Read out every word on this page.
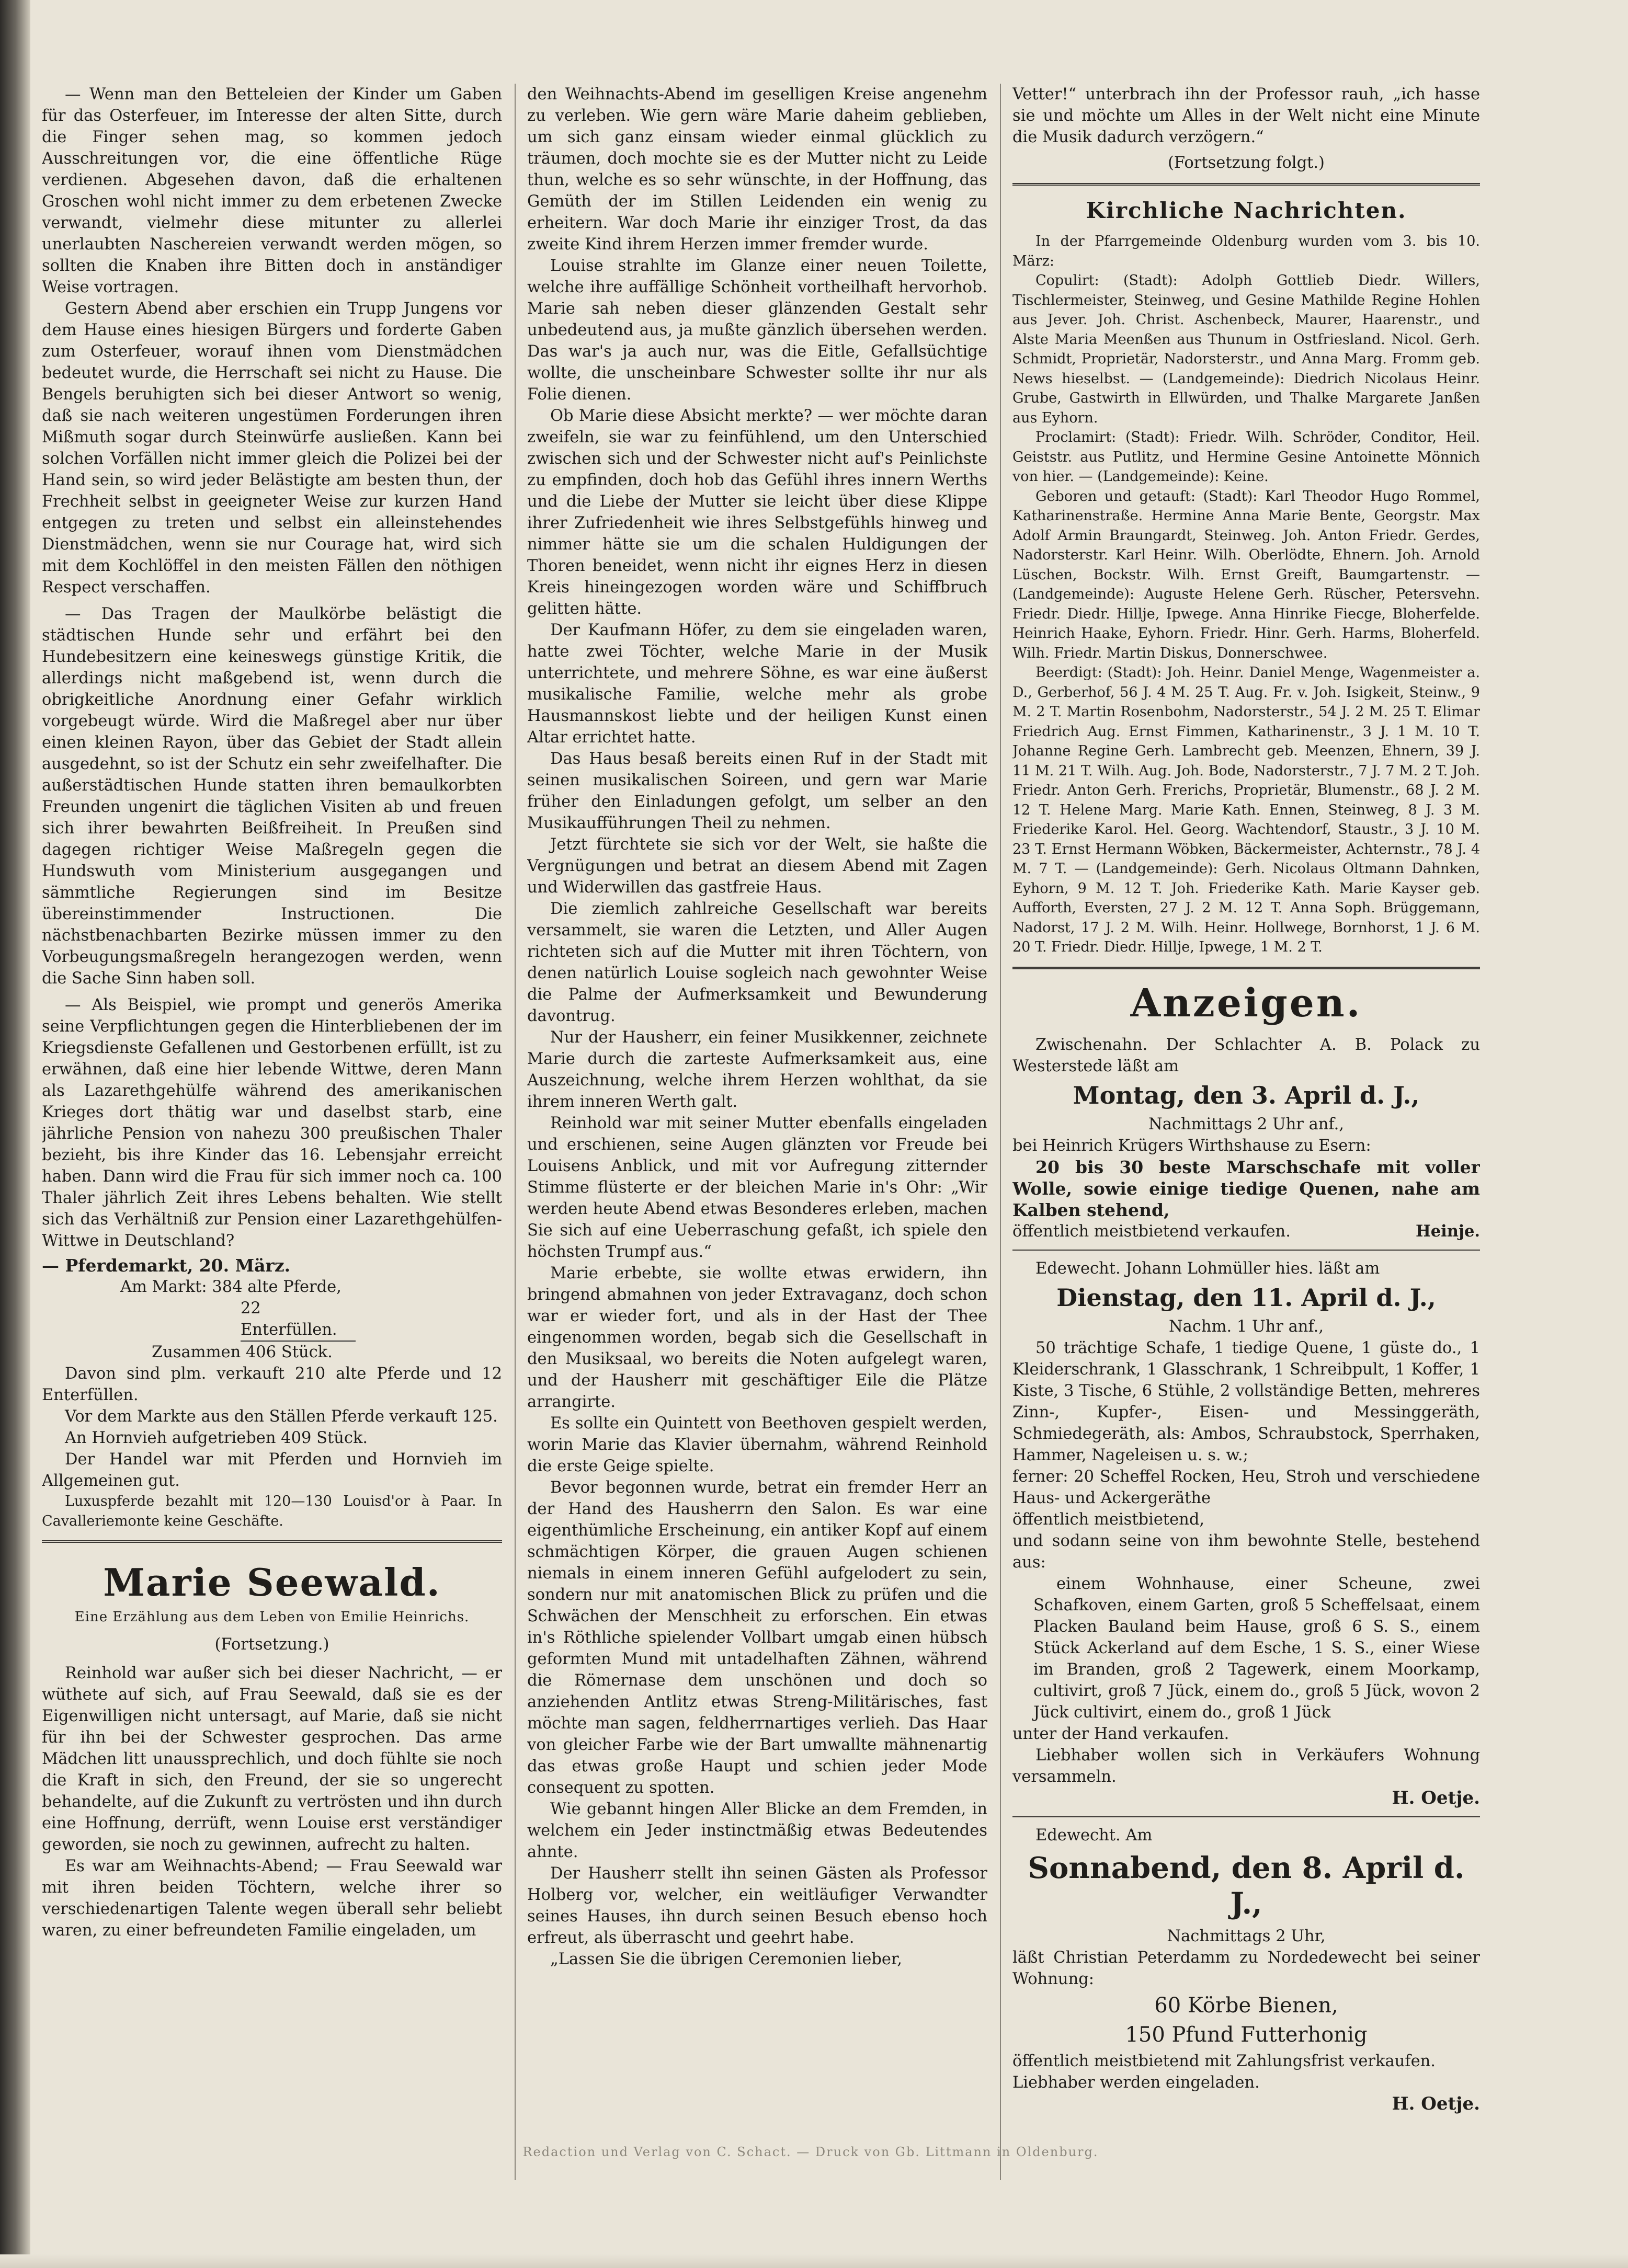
— Wenn man den Betteleien der Kinder um Gaben für das Osterfeuer, im Interesse der alten Sitte, durch die Finger sehen mag, so kommen jedoch Ausschreitungen vor, die eine öffentliche Rüge verdienen. Abgesehen davon, daß die erhaltenen Groschen wohl nicht immer zu dem erbetenen Zwecke verwandt, vielmehr diese mitunter zu allerlei unerlaubten Naschereien verwandt werden mögen, so sollten die Knaben ihre Bitten doch in anständiger Weise vortragen.

Gestern Abend aber erschien ein Trupp Jungens vor dem Hause eines hiesigen Bürgers und forderte Gaben zum Osterfeuer, worauf ihnen vom Dienstmädchen bedeutet wurde, die Herrschaft sei nicht zu Hause. Die Bengels beruhigten sich bei dieser Antwort so wenig, daß sie nach weiteren ungestümen Forderungen ihren Mißmuth sogar durch Steinwürfe ausließen. Kann bei solchen Vorfällen nicht immer gleich die Polizei bei der Hand sein, so wird jeder Belästigte am besten thun, der Frechheit selbst in geeigneter Weise zur kurzen Hand entgegen zu treten und selbst ein alleinstehendes Dienstmädchen, wenn sie nur Courage hat, wird sich mit dem Kochlöffel in den meisten Fällen den nöthigen Respect verschaffen.

— Das Tragen der Maulkörbe belästigt die städtischen Hunde sehr und erfährt bei den Hundebesitzern eine keineswegs günstige Kritik, die allerdings nicht maßgebend ist, wenn durch die obrigkeitliche Anordnung einer Gefahr wirklich vorgebeugt würde. Wird die Maßregel aber nur über einen kleinen Rayon, über das Gebiet der Stadt allein ausgedehnt, so ist der Schutz ein sehr zweifelhafter. Die außerstädtischen Hunde statten ihren bemaulkorbten Freunden ungenirt die täglichen Visiten ab und freuen sich ihrer bewahrten Beißfreiheit. In Preußen sind dagegen richtiger Weise Maßregeln gegen die Hundswuth vom Ministerium ausgegangen und sämmtliche Regierungen sind im Besitze übereinstimmender Instructionen. Die nächstbenachbarten Bezirke müssen immer zu den Vorbeugungsmaßregeln herangezogen werden, wenn die Sache Sinn haben soll.

— Als Beispiel, wie prompt und generös Amerika seine Verpflichtungen gegen die Hinterbliebenen der im Kriegsdienste Gefallenen und Gestorbenen erfüllt, ist zu erwähnen, daß eine hier lebende Wittwe, deren Mann als Lazarethgehülfe während des amerikanischen Krieges dort thätig war und daselbst starb, eine jährliche Pension von nahezu 300 preußischen Thaler bezieht, bis ihre Kinder das 16. Lebensjahr erreicht haben. Dann wird die Frau für sich immer noch ca. 100 Thaler jährlich Zeit ihres Lebens behalten. Wie stellt sich das Verhältniß zur Pension einer Lazarethgehülfen-Wittwe in Deutschland?

— Pferdemarkt, 20. März.

Am Markt: 384 alte Pferde,

22 Enterfüllen.

Zusammen 406 Stück.

Davon sind plm. verkauft 210 alte Pferde und 12 Enterfüllen.

Vor dem Markte aus den Ställen Pferde verkauft 125.

An Hornvieh aufgetrieben 409 Stück.

Der Handel war mit Pferden und Hornvieh im Allgemeinen gut.

Luxuspferde bezahlt mit 120—130 Louisd'or à Paar. In Cavalleriemonte keine Geschäfte.

Marie Seewald.
Eine Erzählung aus dem Leben von Emilie Heinrichs.
(Fortsetzung.)

Reinhold war außer sich bei dieser Nachricht, — er wüthete auf sich, auf Frau Seewald, daß sie es der Eigenwilligen nicht untersagt, auf Marie, daß sie nicht für ihn bei der Schwester gesprochen. Das arme Mädchen litt unaussprechlich, und doch fühlte sie noch die Kraft in sich, den Freund, der sie so ungerecht behandelte, auf die Zukunft zu vertrösten und ihn durch eine Hoffnung, derrüft, wenn Louise erst verständiger geworden, sie noch zu gewinnen, aufrecht zu halten.

Es war am Weihnachts-Abend; — Frau Seewald war mit ihren beiden Töchtern, welche ihrer so verschiedenartigen Talente wegen überall sehr beliebt waren, zu einer befreundeten Familie eingeladen, um

den Weihnachts-Abend im geselligen Kreise angenehm zu verleben. Wie gern wäre Marie daheim geblieben, um sich ganz einsam wieder einmal glücklich zu träumen, doch mochte sie es der Mutter nicht zu Leide thun, welche es so sehr wünschte, in der Hoffnung, das Gemüth der im Stillen Leidenden ein wenig zu erheitern. War doch Marie ihr einziger Trost, da das zweite Kind ihrem Herzen immer fremder wurde.

Louise strahlte im Glanze einer neuen Toilette, welche ihre auffällige Schönheit vortheilhaft hervorhob. Marie sah neben dieser glänzenden Gestalt sehr unbedeutend aus, ja mußte gänzlich übersehen werden. Das war's ja auch nur, was die Eitle, Gefallsüchtige wollte, die unscheinbare Schwester sollte ihr nur als Folie dienen.

Ob Marie diese Absicht merkte? — wer möchte daran zweifeln, sie war zu feinfühlend, um den Unterschied zwischen sich und der Schwester nicht auf's Peinlichste zu empfinden, doch hob das Gefühl ihres innern Werths und die Liebe der Mutter sie leicht über diese Klippe ihrer Zufriedenheit wie ihres Selbstgefühls hinweg und nimmer hätte sie um die schalen Huldigungen der Thoren beneidet, wenn nicht ihr eignes Herz in diesen Kreis hineingezogen worden wäre und Schiffbruch gelitten hätte.

Der Kaufmann Höfer, zu dem sie eingeladen waren, hatte zwei Töchter, welche Marie in der Musik unterrichtete, und mehrere Söhne, es war eine äußerst musikalische Familie, welche mehr als grobe Hausmannskost liebte und der heiligen Kunst einen Altar errichtet hatte.

Das Haus besaß bereits einen Ruf in der Stadt mit seinen musikalischen Soireen, und gern war Marie früher den Einladungen gefolgt, um selber an den Musikaufführungen Theil zu nehmen.

Jetzt fürchtete sie sich vor der Welt, sie haßte die Vergnügungen und betrat an diesem Abend mit Zagen und Widerwillen das gastfreie Haus.

Die ziemlich zahlreiche Gesellschaft war bereits versammelt, sie waren die Letzten, und Aller Augen richteten sich auf die Mutter mit ihren Töchtern, von denen natürlich Louise sogleich nach gewohnter Weise die Palme der Aufmerksamkeit und Bewunderung davontrug.

Nur der Hausherr, ein feiner Musikkenner, zeichnete Marie durch die zarteste Aufmerksamkeit aus, eine Auszeichnung, welche ihrem Herzen wohlthat, da sie ihrem inneren Werth galt.

Reinhold war mit seiner Mutter ebenfalls eingeladen und erschienen, seine Augen glänzten vor Freude bei Louisens Anblick, und mit vor Aufregung zitternder Stimme flüsterte er der bleichen Marie in's Ohr: „Wir werden heute Abend etwas Besonderes erleben, machen Sie sich auf eine Ueberraschung gefaßt, ich spiele den höchsten Trumpf aus.“

Marie erbebte, sie wollte etwas erwidern, ihn bringend abmahnen von jeder Extravaganz, doch schon war er wieder fort, und als in der Hast der Thee eingenommen worden, begab sich die Gesellschaft in den Musiksaal, wo bereits die Noten aufgelegt waren, und der Hausherr mit geschäftiger Eile die Plätze arrangirte.

Es sollte ein Quintett von Beethoven gespielt werden, worin Marie das Klavier übernahm, während Reinhold die erste Geige spielte.

Bevor begonnen wurde, betrat ein fremder Herr an der Hand des Hausherrn den Salon. Es war eine eigenthümliche Erscheinung, ein antiker Kopf auf einem schmächtigen Körper, die grauen Augen schienen niemals in einem inneren Gefühl aufgelodert zu sein, sondern nur mit anatomischen Blick zu prüfen und die Schwächen der Menschheit zu erforschen. Ein etwas in's Röthliche spielender Vollbart umgab einen hübsch geformten Mund mit untadelhaften Zähnen, während die Römernase dem unschönen und doch so anziehenden Antlitz etwas Streng-Militärisches, fast möchte man sagen, feldherrnartiges verlieh. Das Haar von gleicher Farbe wie der Bart umwallte mähnenartig das etwas große Haupt und schien jeder Mode consequent zu spotten.

Wie gebannt hingen Aller Blicke an dem Fremden, in welchem ein Jeder instinctmäßig etwas Bedeutendes ahnte.

Der Hausherr stellt ihn seinen Gästen als Professor Holberg vor, welcher, ein weitläufiger Verwandter seines Hauses, ihn durch seinen Besuch ebenso hoch erfreut, als überrascht und geehrt habe.

„Lassen Sie die übrigen Ceremonien lieber,

Vetter!“ unterbrach ihn der Professor rauh, „ich hasse sie und möchte um Alles in der Welt nicht eine Minute die Musik dadurch verzögern.“

(Fortsetzung folgt.)
Kirchliche Nachrichten.

In der Pfarrgemeinde Oldenburg wurden vom 3. bis 10. März:

Copulirt: (Stadt): Adolph Gottlieb Diedr. Willers, Tischlermeister, Steinweg, und Gesine Mathilde Regine Hohlen aus Jever. Joh. Christ. Aschenbeck, Maurer, Haarenstr., und Alste Maria Meenßen aus Thunum in Ostfriesland. Nicol. Gerh. Schmidt, Proprietär, Nadorsterstr., und Anna Marg. Fromm geb. News hieselbst. — (Landgemeinde): Diedrich Nicolaus Heinr. Grube, Gastwirth in Ellwürden, und Thalke Margarete Janßen aus Eyhorn.

Proclamirt: (Stadt): Friedr. Wilh. Schröder, Conditor, Heil. Geiststr. aus Putlitz, und Hermine Gesine Antoinette Mönnich von hier. — (Landgemeinde): Keine.

Geboren und getauft: (Stadt): Karl Theodor Hugo Rommel, Katharinenstraße. Hermine Anna Marie Bente, Georgstr. Max Adolf Armin Braungardt, Steinweg. Joh. Anton Friedr. Gerdes, Nadorsterstr. Karl Heinr. Wilh. Oberlödte, Ehnern. Joh. Arnold Lüschen, Bockstr. Wilh. Ernst Greift, Baumgartenstr. — (Landgemeinde): Auguste Helene Gerh. Rüscher, Petersvehn. Friedr. Diedr. Hillje, Ipwege. Anna Hinrike Fiecge, Bloherfelde. Heinrich Haake, Eyhorn. Friedr. Hinr. Gerh. Harms, Bloherfeld. Wilh. Friedr. Martin Diskus, Donnerschwee.

Beerdigt: (Stadt): Joh. Heinr. Daniel Menge, Wagenmeister a. D., Gerberhof, 56 J. 4 M. 25 T. Aug. Fr. v. Joh. Isigkeit, Steinw., 9 M. 2 T. Martin Rosenbohm, Nadorsterstr., 54 J. 2 M. 25 T. Elimar Friedrich Aug. Ernst Fimmen, Katharinenstr., 3 J. 1 M. 10 T. Johanne Regine Gerh. Lambrecht geb. Meenzen, Ehnern, 39 J. 11 M. 21 T. Wilh. Aug. Joh. Bode, Nadorsterstr., 7 J. 7 M. 2 T. Joh. Friedr. Anton Gerh. Frerichs, Proprietär, Blumenstr., 68 J. 2 M. 12 T. Helene Marg. Marie Kath. Ennen, Steinweg, 8 J. 3 M. Friederike Karol. Hel. Georg. Wachtendorf, Staustr., 3 J. 10 M. 23 T. Ernst Hermann Wöbken, Bäckermeister, Achternstr., 78 J. 4 M. 7 T. — (Landgemeinde): Gerh. Nicolaus Oltmann Dahnken, Eyhorn, 9 M. 12 T. Joh. Friederike Kath. Marie Kayser geb. Aufforth, Eversten, 27 J. 2 M. 12 T. Anna Soph. Brüggemann, Nadorst, 17 J. 2 M. Wilh. Heinr. Hollwege, Bornhorst, 1 J. 6 M. 20 T. Friedr. Diedr. Hillje, Ipwege, 1 M. 2 T.

Anzeigen.

Zwischenahn. Der Schlachter A. B. Polack zu Westerstede läßt am

Montag, den 3. April d. J.,
Nachmittags 2 Uhr anf.,

bei Heinrich Krügers Wirthshause zu Esern:

20 bis 30 beste Marschschafe mit voller Wolle, sowie einige tiedige Quenen, nahe am Kalben stehend,

öffentlich meistbietend verkaufen.	Heinje.

Edewecht. Johann Lohmüller hies. läßt am

Dienstag, den 11. April d. J.,
Nachm. 1 Uhr anf.,

50 trächtige Schafe, 1 tiedige Quene, 1 güste do., 1 Kleiderschrank, 1 Glasschrank, 1 Schreibpult, 1 Koffer, 1 Kiste, 3 Tische, 6 Stühle, 2 vollständige Betten, mehreres Zinn-, Kupfer-, Eisen- und Messinggeräth, Schmiedegeräth, als: Ambos, Schraubstock, Sperrhaken, Hammer, Nageleisen u. s. w.;

ferner: 20 Scheffel Rocken, Heu, Stroh und verschiedene Haus- und Ackergeräthe

öffentlich meistbietend,

und sodann seine von ihm bewohnte Stelle, bestehend aus:

einem Wohnhause, einer Scheune, zwei Schafkoven, einem Garten, groß 5 Scheffelsaat, einem Placken Bauland beim Hause, groß 6 S. S., einem Stück Ackerland auf dem Esche, 1 S. S., einer Wiese im Branden, groß 2 Tagewerk, einem Moorkamp, cultivirt, groß 7 Jück, einem do., groß 5 Jück, wovon 2 Jück cultivirt, einem do., groß 1 Jück

unter der Hand verkaufen.

Liebhaber wollen sich in Verkäufers Wohnung versammeln.

H. Oetje.

Edewecht. Am

Sonnabend, den 8. April d. J.,
Nachmittags 2 Uhr,

läßt Christian Peterdamm zu Nordedewecht bei seiner Wohnung:

60 Körbe Bienen,
150 Pfund Futterhonig

öffentlich meistbietend mit Zahlungsfrist verkaufen.

Liebhaber werden eingeladen.

H. Oetje.
Redaction und Verlag von C. Schact. — Druck von Gb. Littmann in Oldenburg.
